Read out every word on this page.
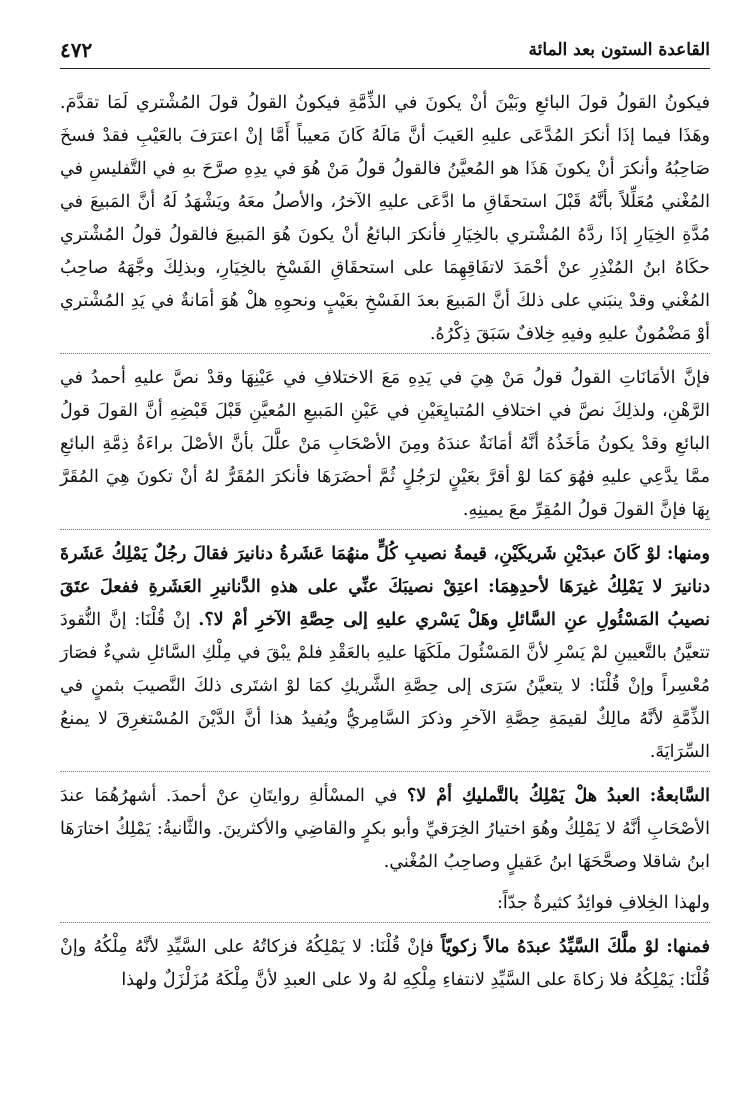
القاعدة الستون بعد المائة
٤٧٢

فيكونُ القولُ قولَ البائعِ وبَيْنَ أنْ يكونَ في الذِّمَّةِ فيكونُ القولُ قولَ المُشْتري لَمَا تقدَّمَ. وهَذَا فيما إذَا أنكرَ المُدَّعَى عليهِ العَيبَ أنَّ مَالَهُ كَانَ مَعيباً أَمَّا إنْ اعترَفَ بالعَيْبِ فقدْ فسخَ صَاحِبُهُ وأنكرَ أنْ يكونَ هَذَا هو المُعيَّنُ فالقولُ قولُ مَنْ هُوَ في يدِهِ صرَّحَ بهِ في التَّفليسِ في المُغْني مُعَلِّلاً بأنَّهُ قَبْلَ استحقَاقِ ما ادَّعَى عليهِ الآخرُ، والأصلُ معَهُ ويَشْهَدُ لَهُ أنَّ المَبيعَ في مُدَّةِ الخِيَارِ إذَا ردَّهُ المُشْتري بالخِيَارِ فأنكرَ البائعُ أنْ يكونَ هُوَ المَبيعَ فالقولُ قولُ المُشْتري حكَاهُ ابنُ المُنْذِرِ عنْ أحْمَدَ لاتفَاقِهِمَا على استحقَاقِ الفَسْخِ بالخِيَارِ، وبذلِكَ وجَّهَهُ صاحِبُ المُغْني وقدْ ينبَني على ذلكَ أنَّ المَبيعَ بعدَ الفَسْخِ بعَيْبٍ ونحوِهِ هلْ هُوَ أمَانةٌ في يَدِ المُشْتري أوْ مَضْمُونٌ عليهِ وفيهِ خِلافٌ سَبَقَ ذِكْرُهُ.

فإنَّ الأمَانَاتِ القولُ قولُ مَنْ هِيَ في يَدِهِ مَعَ الاختلافِ في عَيْنِهَا وقدْ نصَّ عليهِ أحمدُ في الرَّهْنِ، ولذلِكَ نصَّ في اختلافِ المُتبايِعَيْنِ في عَيْنِ المَبيعِ المُعيَّنِ قَبْلَ قَبْضِهِ أنَّ القولَ قولُ البائعِ وقدْ يكونُ مَأخَذُهُ أنَّهُ أمَانَةٌ عندَهُ ومِنَ الأصْحَابِ مَنْ علَّلَ بأنَّ الأصْلَ براءَةُ ذِمَّةِ البائعِ ممَّا يدَّعِي عليهِ فهُوَ كمَا لوْ أقرَّ بعَيْنٍ لرَجُلٍ ثُمَّ أحضَرَهَا فأنكرَ المُقَرُّ لهُ أنْ تكونَ هِيَ المُقَرَّ بِهَا فإنَّ القولَ قولُ المُقِرِّ معَ يمينِهِ.

ومنها: لوْ كَانَ عبدَيْنِ شَريكَيْنِ، قيمةُ نصيبِ كُلٍّ منهُمَا عَشَرةُ دنانيرَ فقالَ رجُلٌ يَمْلِكُ عَشَرةَ دنانيرَ لا يَمْلِكُ غيرَهَا لأحدِهِمَا: اعتِقْ نصيبَكَ عنِّي على هذهِ الدَّنانيرِ العَشَرةِ ففعلَ عتَقَ نصيبُ المَسْئُولِ عنِ السَّائلِ وهَلْ يَسْري عليهِ إلى حِصَّةِ الآخرِ أمْ لا؟. إنْ قُلْنَا: إنَّ النُّقودَ تتعيَّنُ بالتَّعيينِ لمْ يَسْرِ لأنَّ المَسْئُولَ ملَكَهَا عليهِ بالعَقْدِ فلمْ يبْقَ في مِلْكِ السَّائلِ شيءٌ فصَارَ مُعْسِراً وإنْ قُلْنَا: لا يتعيَّنُ سَرَى إلى حِصَّةِ الشَّريكِ كمَا لوْ اشتَرى ذلكَ النَّصيبَ بثمنٍ في الذِّمَّةِ لأنَّهُ مالِكٌ لقيمَةِ حِصَّةِ الآخرِ وذكرَ السَّامِريُّ ويُفيدُ هذا أنَّ الدَّيْنَ المُسْتغرِقَ لا يمنعُ السِّرَايَةَ.

السَّابعةُ: العبدُ هلْ يَمْلِكُ بالتَّمليكِ أمْ لا؟ في المسْألةِ روايتَانِ عنْ أحمدَ. أشهرُهُمَا عندَ الأصْحَابِ أنَّهُ لا يَمْلِكُ وهُوَ اختيارُ الخِرَقيِّ وأبو بكرٍ والقاضِي والأكثرينَ. والثَّانيةُ: يَمْلِكُ اختارَهَا ابنُ شاقلا وصحَّحَهَا ابنُ عَقيلٍ وصاحِبُ المُغْني.

ولهذا الخِلافِ فوائِدُ كثيرةٌ جدّاً:

فمنها: لوْ ملَّكَ السَّيِّدُ عبدَهُ مالاً زكويّاً فإنْ قُلْنَا: لا يَمْلِكُهُ فزكاتُهُ على السَّيِّدِ لأنَّهُ مِلْكُهُ وإنْ قُلْنَا: يَمْلِكُهُ فلا زكاةَ على السَّيِّدِ لانتفاءِ مِلْكِهِ لهُ ولا على العبدِ لأنَّ مِلْكَهُ مُزَلْزَلٌ ولهذا
